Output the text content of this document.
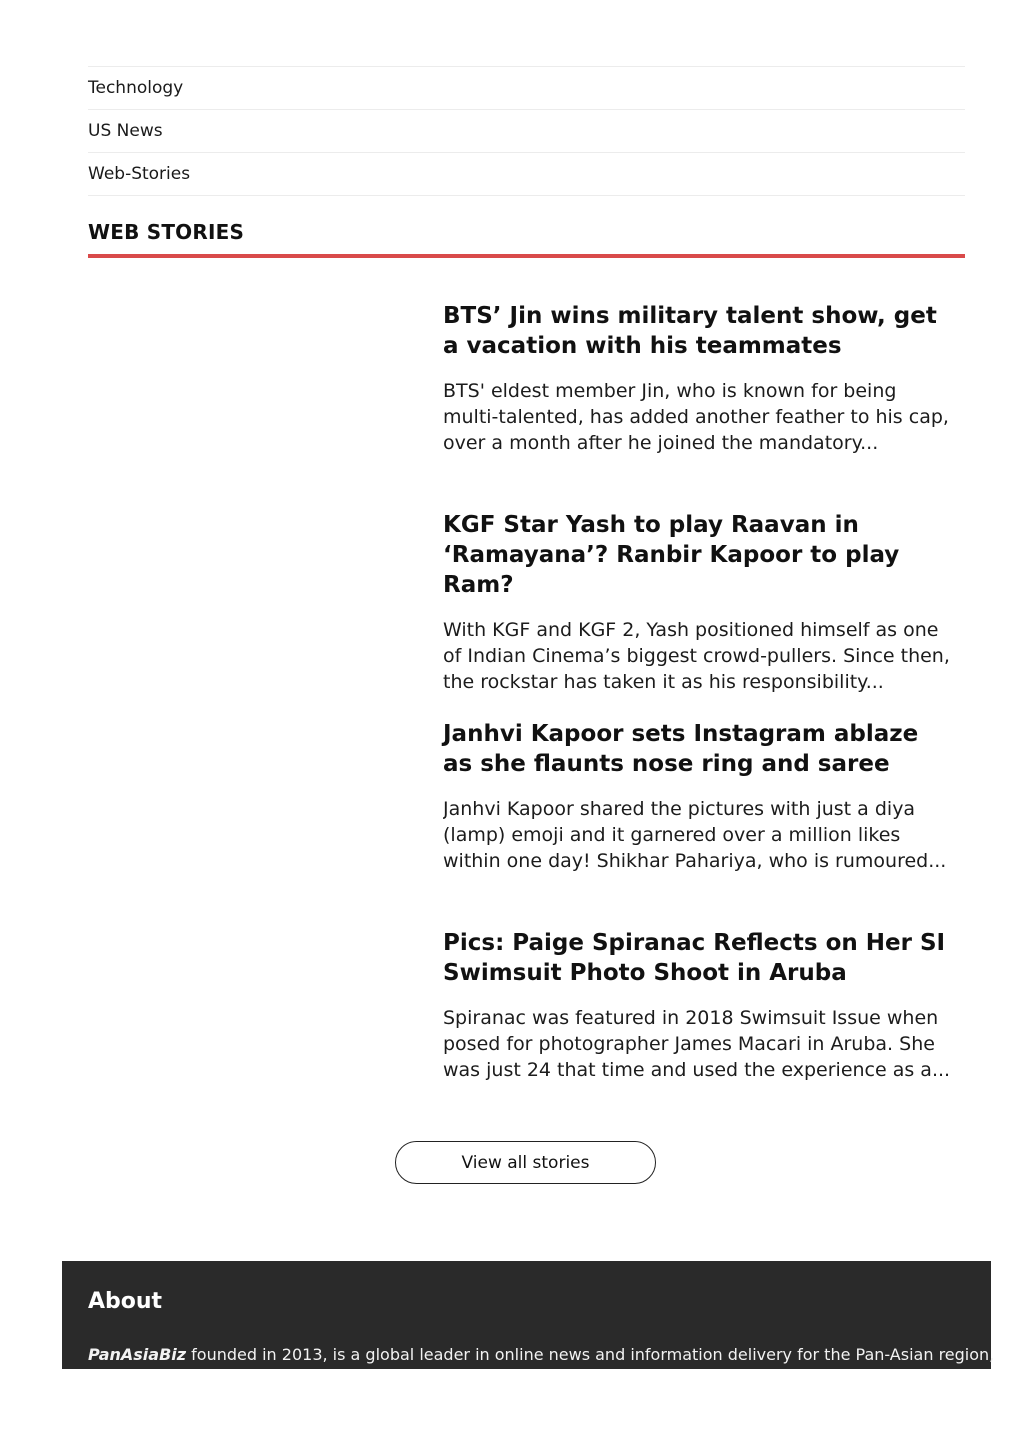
Technology
US News
Web-Stories
WEB STORIES
BTS’ Jin wins military talent show, get a vacation with his teammates

BTS' eldest member Jin, who is known for being multi-talented, has added another feather to his cap, over a month after he joined the mandatory...

KGF Star Yash to play Raavan in ‘Ramayana’? Ranbir Kapoor to play Ram?

With KGF and KGF 2, Yash positioned himself as one of Indian Cinema’s biggest crowd-pullers. Since then, the rockstar has taken it as his responsibility...

Janhvi Kapoor sets Instagram ablaze as she flaunts nose ring and saree

Janhvi Kapoor shared the pictures with just a diya (lamp) emoji and it garnered over a million likes within one day! Shikhar Pahariya, who is rumoured...

Pics: Paige Spiranac Reflects on Her SI Swimsuit Photo Shoot in Aruba

Spiranac was featured in 2018 Swimsuit Issue when posed for photographer James Macari in Aruba. She was just 24 that time and used the experience as a...

View all stories
About

PanAsiaBiz founded in 2013, is a global leader in online news and information delivery for the Pan-Asian region,
